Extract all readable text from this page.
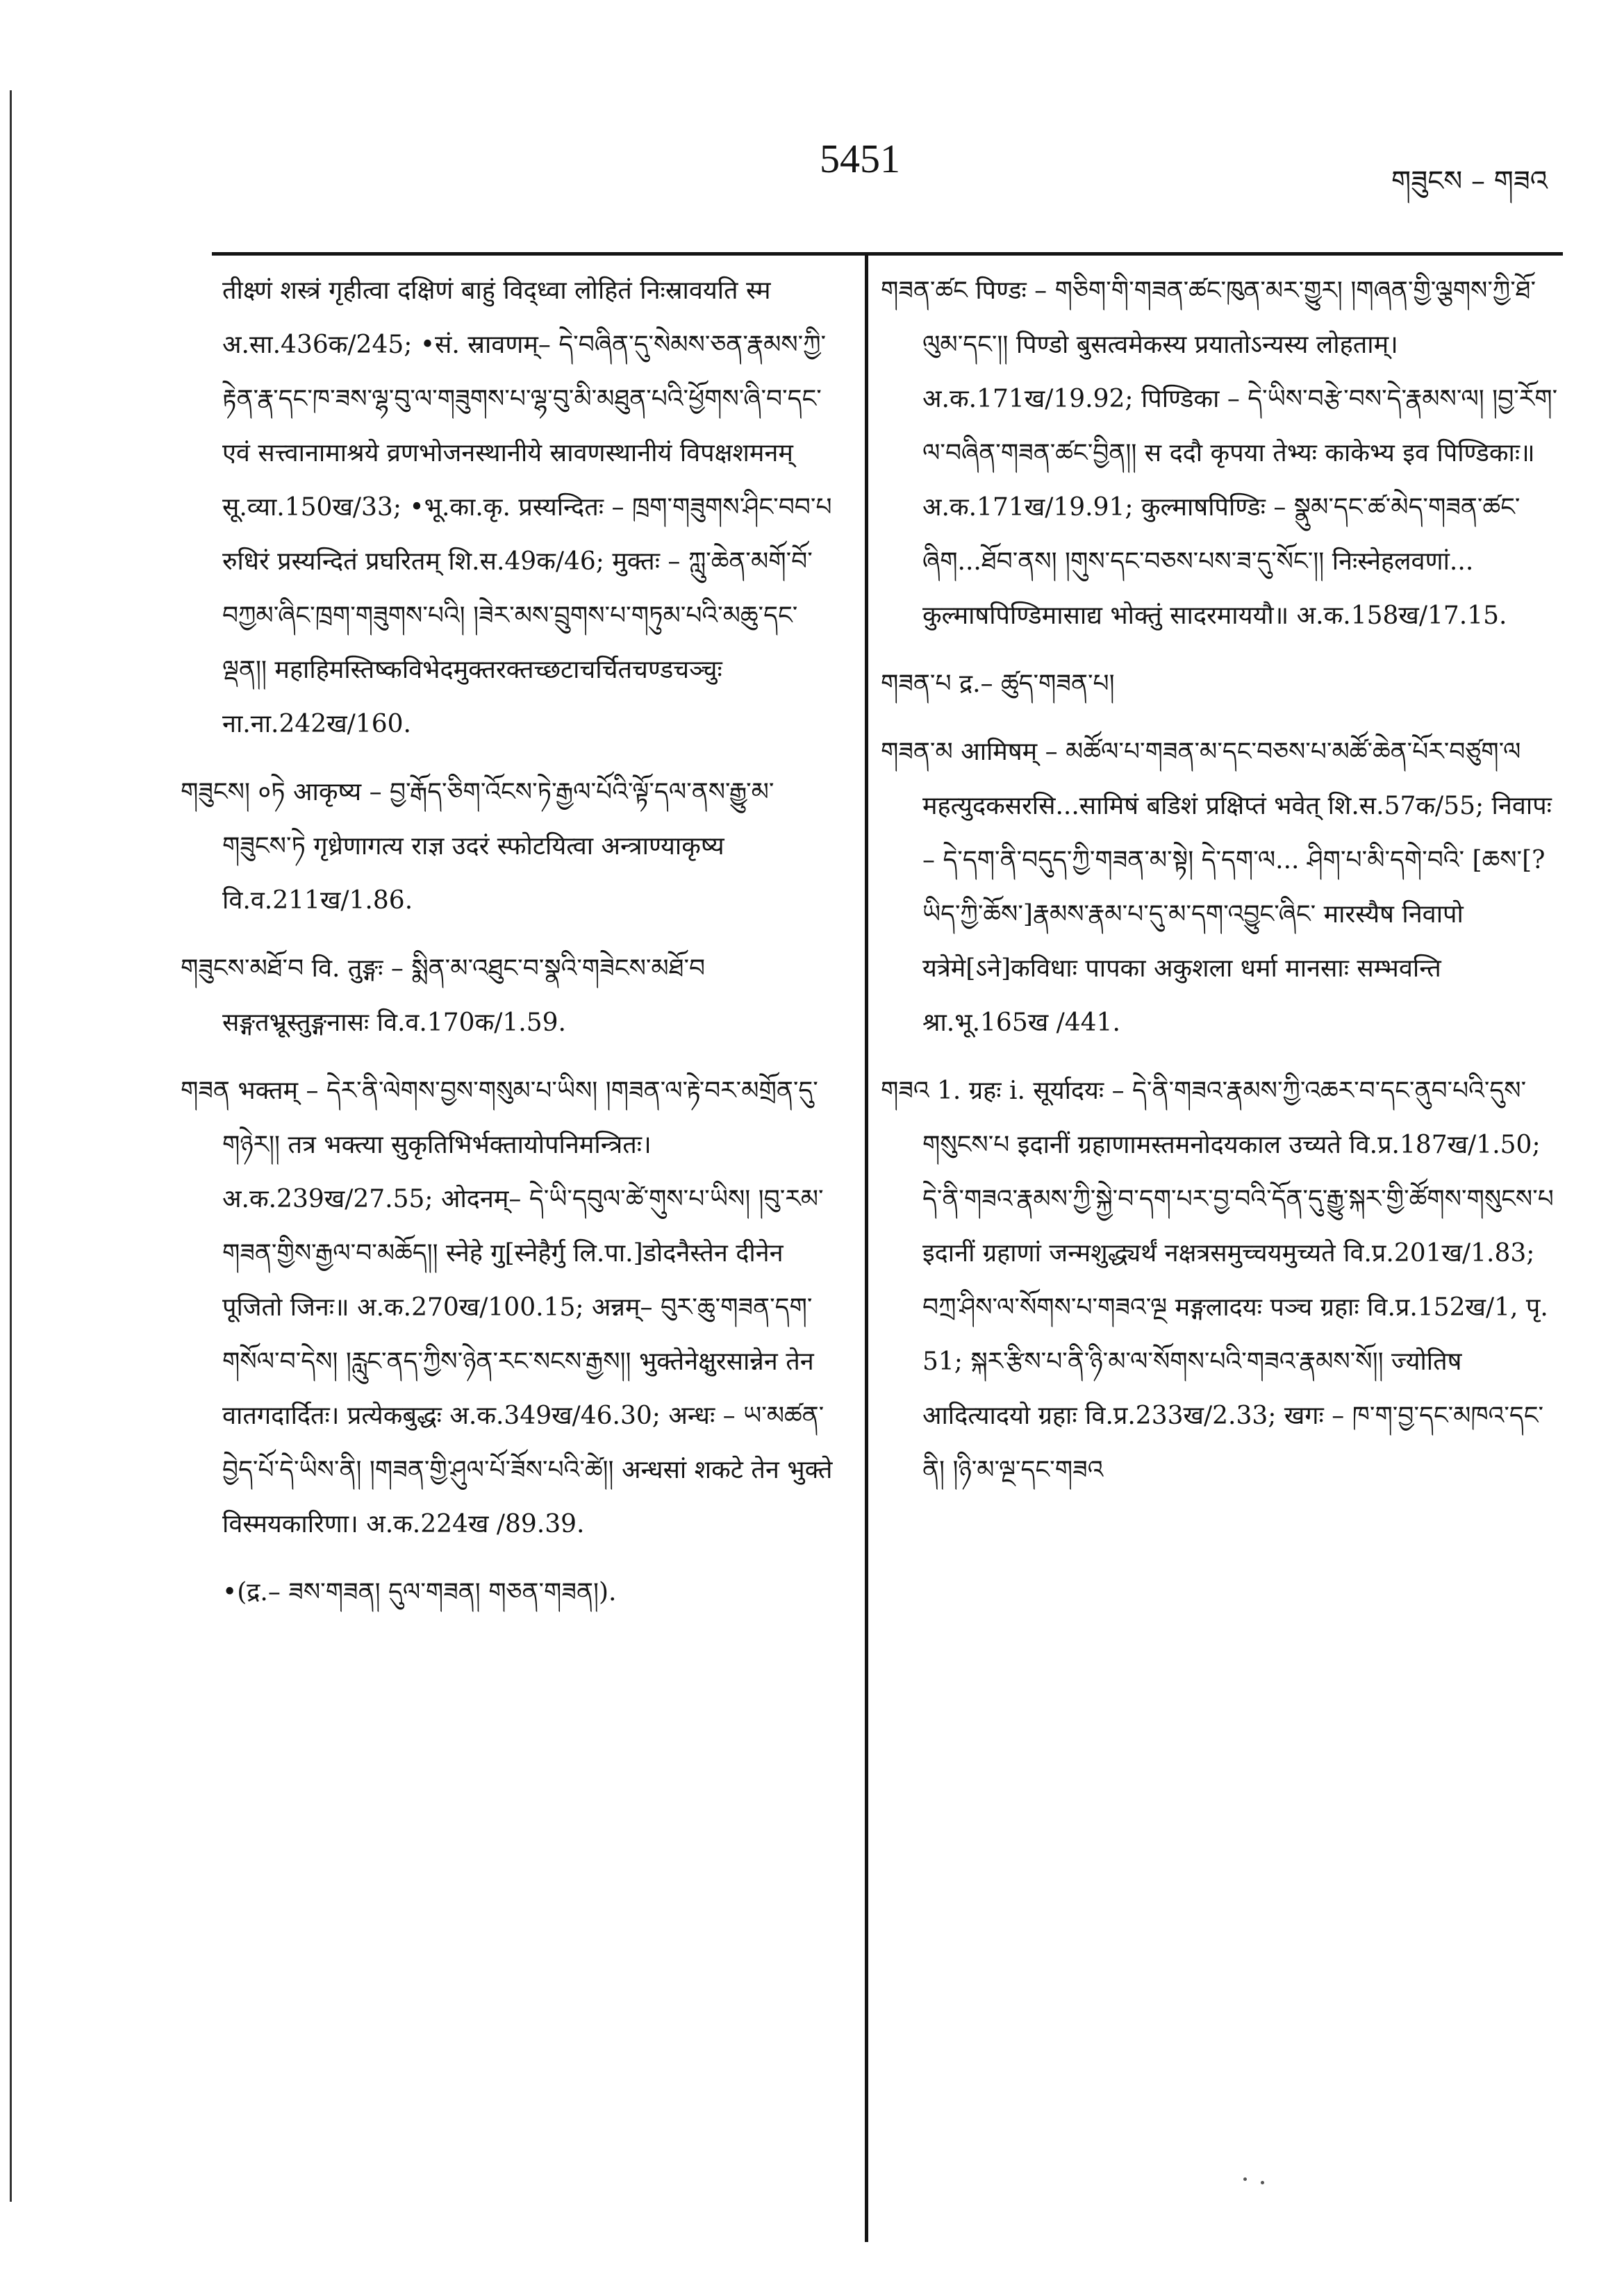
5451	གཟུངས – གཟའ

तीक्ष्णं शस्त्रं गृहीत्वा दक्षिणं बाहुं विद्ध्वा लोहितं निःस्रावयति स्म अ.सा.436क/245; •सं. स्रावणम्– དེ་བཞིན་དུ་སེམས་ཅན་རྣམས་ཀྱི་རྟེན་རྣ་དང་ཁ་ཟས་ལྷ་བུ་ལ་གཟུགས་པ་ལྷ་བུ་མི་མཐུན་པའི་ཕྱོགས་ཞི་བ་དང་ एवं सत्त्वानामाश्रये व्रणभोजनस्थानीये स्रावणस्थानीयं विपक्षशमनम् सू.व्या.150ख/33; •भू.का.कृ. प्रस्यन्दितः – ཁྲག་གཟུགས་ཤིང་བབ་པ रुधिरं प्रस्यन्दितं प्रघरितम् शि.स.49क/46; मुक्तः – ཀླུ་ཆེན་མགོ་བོ་བཀྱམ་ཞིང་ཁྲག་གཟུགས་པའི། །ཟེར་མས་བྲུགས་པ་གཏུམ་པའི་མཆུ་དང་ལྡན།། महाहिमस्तिष्कविभेदमुक्तरक्तच्छटाचर्चितचण्डचञ्चुः ना.ना.242ख/160.

གཟུངས། ०ཏེ आकृष्य – བྱ་རྒོད་ཅིག་འོངས་ཏེ་རྒྱལ་པོའི་ལྟོ་དལ་ནས་རྒྱུ་མ་གཟུངས་ཏེ गृध्रेणागत्य राज्ञ उदरं स्फोटयित्वा अन्त्राण्याकृष्य वि.व.211ख/1.86.

གཟུངས་མཐོ་བ वि. तुङ्गः – སྨིན་མ་འཐུང་བ་སྣའི་གཟེངས་མཐོ་བ सङ्गतभ्रूस्तुङ्गनासः वि.व.170क/1.59.

གཟན भक्तम् – དེར་ནི་ལེགས་བྱས་གསུམ་པ་ཡིས། །གཟན་ལ་རྟེ་བར་མགྲོན་དུ་གཉེར།། तत्र भक्त्या सुकृतिभिर्भक्तायोपनिमन्त्रितः। अ.क.239ख/27.55; ओदनम्– དེ་ཡི་དབུལ་ཚེ་གུས་པ་ཡིས། །བུ་རམ་གཟན་གྱིས་རྒྱལ་བ་མཆོད།། स्नेहे गु[स्नेहैर्गु लि.पा.]डोदनैस्तेन दीनेन पूजितो जिनः॥ अ.क.270ख/100.15; अन्नम्– བུར་ཆུ་གཟན་དག་གསོལ་བ་དེས། །རླུང་ནད་ཀྱིས་ཉེན་རང་སངས་རྒྱས།། भुक्तेनेक्षुरसान्नेन तेन वातगदार्दितः। प्रत्येकबुद्धः अ.क.349ख/46.30; अन्धः – ཡ་མཚན་བྱེད་པོ་དེ་ཡིས་ནི། །གཟན་གྱི་ཤུལ་པོ་ཟོས་པའི་ཚེ།། अन्धसां शकटे तेन भुक्ते विस्मयकारिणा। अ.क.224ख /89.39.

•(द्र.– ཟས་གཟན། དུལ་གཟན། གཅན་གཟན།).

གཟན་ཚང पिण्डः – གཅིག་གི་གཟན་ཚང་ཁུན་མར་གྱུར། །གཞན་གྱི་ལྕགས་ཀྱི་ཐོ་ལུམ་དང་།། पिण्डो बुसत्वमेकस्य प्रयातोऽन्यस्य लोहताम्। अ.क.171ख/19.92; पिण्डिका – དེ་ཡིས་བརྩེ་བས་དེ་རྣམས་ལ། །བྱ་རོག་ལ་བཞིན་གཟན་ཚང་བྱིན།། स ददौ कृपया तेभ्यः काकेभ्य इव पिण्डिकाः॥ अ.क.171ख/19.91; कुल्माषपिण्डिः – སྣུམ་དང་ཚ་མེད་གཟན་ཚང་ཞིག...ཐོབ་ནས། །གུས་དང་བཅས་པས་ཟ་དུ་སོང་།། निःस्नेहलवणां... कुल्माषपिण्डिमासाद्य भोक्तुं सादरमाययौ॥ अ.क.158ख/17.15.

གཟན་པ द्र.– ཚུད་གཟན་པ།

གཟན་མ आमिषम् – མཚོལ་པ་གཟན་མ་དང་བཅས་པ་མཚོ་ཆེན་པོར་བཙུག་ལ महत्युदकसरसि...सामिषं बडिशं प्रक्षिप्तं भवेत् शि.स.57क/55; निवापः – དེ་དག་ནི་བདུད་ཀྱི་གཟན་མ་སྟེ། དེ་དག་ལ... ཤིག་པ་མི་དགེ་བའི་ [ཆས་[?ཡིད་ཀྱི་ཆོས་]རྣམས་རྣམ་པ་དུ་མ་དག་འབྱུང་ཞིང་ मारस्यैष निवापो यत्रेमे[ऽने]कविधाः पापका अकुशला धर्मा मानसाः सम्भवन्ति श्रा.भू.165ख /441.

གཟའ 1. ग्रहः i. सूर्यादयः – དེ་ནི་གཟའ་རྣམས་ཀྱི་འཆར་བ་དང་ནུབ་པའི་དུས་གསུངས་པ इदानीं ग्रहाणामस्तमनोदयकाल उच्यते वि.प्र.187ख/1.50; དེ་ནི་གཟའ་རྣམས་ཀྱི་སྐྱེ་བ་དག་པར་བྱ་བའི་དོན་དུ་རྒྱུ་སྐར་གྱི་ཚོགས་གསུངས་པ इदानीं ग्रहाणां जन्मशुद्ध्यर्थं नक्षत्रसमुच्चयमुच्यते वि.प्र.201ख/1.83; བཀྲ་ཤིས་ལ་སོགས་པ་གཟའ་ལྔ मङ्गलादयः पञ्च ग्रहाः वि.प्र.152ख/1, पृ. 51; སྐར་རྩིས་པ་ནི་ཉི་མ་ལ་སོགས་པའི་གཟའ་རྣམས་སོ།། ज्योतिष आदित्यादयो ग्रहाः वि.प्र.233ख/2.33; खगः – ཁ་ག་བྱ་དང་མཁའ་དང་ནི། །ཉི་མ་ལྔ་དང་གཟའ
